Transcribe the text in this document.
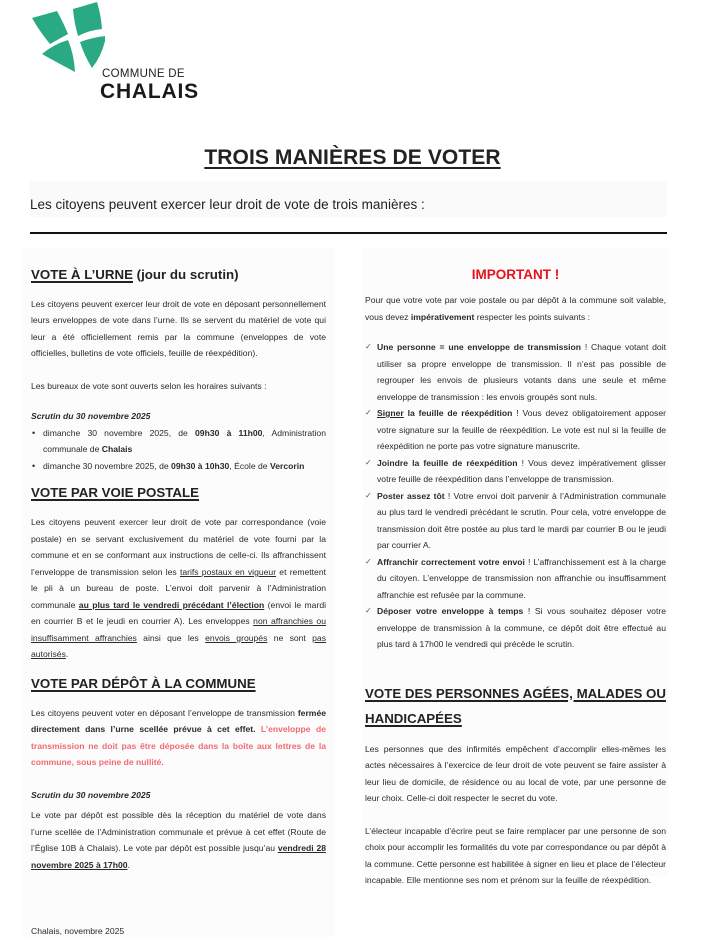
COMMUNE DE
CHALAIS
TROIS MANIÈRES DE VOTER
Les citoyens peuvent exercer leur droit de vote de trois manières :
VOTE À L’URNE (jour du scrutin)

Les citoyens peuvent exercer leur droit de vote en déposant personnellement leurs enveloppes de vote dans l’urne. Ils se servent du matériel de vote qui leur a été officiellement remis par la commune (enveloppes de vote officielles, bulletins de vote officiels, feuille de réexpédition).

Les bureaux de vote sont ouverts selon les horaires suivants :

Scrutin du 30 novembre 2025

• dimanche 30 novembre 2025, de 09h30 à 11h00, Administration communale de Chalais
• dimanche 30 novembre 2025, de 09h30 à 10h30, École de Vercorin
VOTE PAR VOIE POSTALE

Les citoyens peuvent exercer leur droit de vote par correspondance (voie postale) en se servant exclusivement du matériel de vote fourni par la commune et en se conformant aux instructions de celle-ci. Ils affranchissent l’enveloppe de transmission selon les tarifs postaux en vigueur et remettent le pli à un bureau de poste. L’envoi doit parvenir à l’Administration communale au plus tard le vendredi précédant l’élection (envoi le mardi en courrier B et le jeudi en courrier A). Les enveloppes non affranchies ou insuffisamment affranchies ainsi que les envois groupés ne sont pas autorisés.

VOTE PAR DÉPÔT À LA COMMUNE

Les citoyens peuvent voter en déposant l’enveloppe de transmission fermée directement dans l’urne scellée prévue à cet effet. L’enveloppe de transmission ne doit pas être déposée dans la boîte aux lettres de la commune, sous peine de nullité.

Scrutin du 30 novembre 2025

Le vote par dépôt est possible dès la réception du matériel de vote dans l’urne scellée de l’Administration communale et prévue à cet effet (Route de l’Église 10B à Chalais). Le vote par dépôt est possible jusqu’au vendredi 28 novembre 2025 à 17h00.

IMPORTANT !

Pour que votre vote par voie postale ou par dépôt à la commune soit valable, vous devez impérativement respecter les points suivants :

✓ Une personne = une enveloppe de transmission ! Chaque votant doit utiliser sa propre enveloppe de transmission. Il n’est pas possible de regrouper les envois de plusieurs votants dans une seule et même enveloppe de transmission : les envois groupés sont nuls.
✓ Signer la feuille de réexpédition ! Vous devez obligatoirement apposer votre signature sur la feuille de réexpédition. Le vote est nul si la feuille de réexpédition ne porte pas votre signature manuscrite.
✓ Joindre la feuille de réexpédition ! Vous devez impérativement glisser votre feuille de réexpédition dans l’enveloppe de transmission.
✓ Poster assez tôt ! Votre envoi doit parvenir à l’Administration communale au plus tard le vendredi précédant le scrutin. Pour cela, votre enveloppe de transmission doit être postée au plus tard le mardi par courrier B ou le jeudi par courrier A.
✓ Affranchir correctement votre envoi ! L’affranchissement est à la charge du citoyen. L’enveloppe de transmission non affranchie ou insuffisamment affranchie est refusée par la commune.
✓ Déposer votre enveloppe à temps ! Si vous souhaitez déposer votre enveloppe de transmission à la commune, ce dépôt doit être effectué au plus tard à 17h00 le vendredi qui précède le scrutin.
VOTE DES PERSONNES AGÉES, MALADES OU HANDICAPÉES

Les personnes que des infirmités empêchent d’accomplir elles-mêmes les actes nécessaires à l’exercice de leur droit de vote peuvent se faire assister à leur lieu de domicile, de résidence ou au local de vote, par une personne de leur choix. Celle-ci doit respecter le secret du vote.

L’électeur incapable d’écrire peut se faire remplacer par une personne de son choix pour accomplir les formalités du vote par correspondance ou par dépôt à la commune. Cette personne est habilitée à signer en lieu et place de l’électeur incapable. Elle mentionne ses nom et prénom sur la feuille de réexpédition.

Chalais, novembre 2025
